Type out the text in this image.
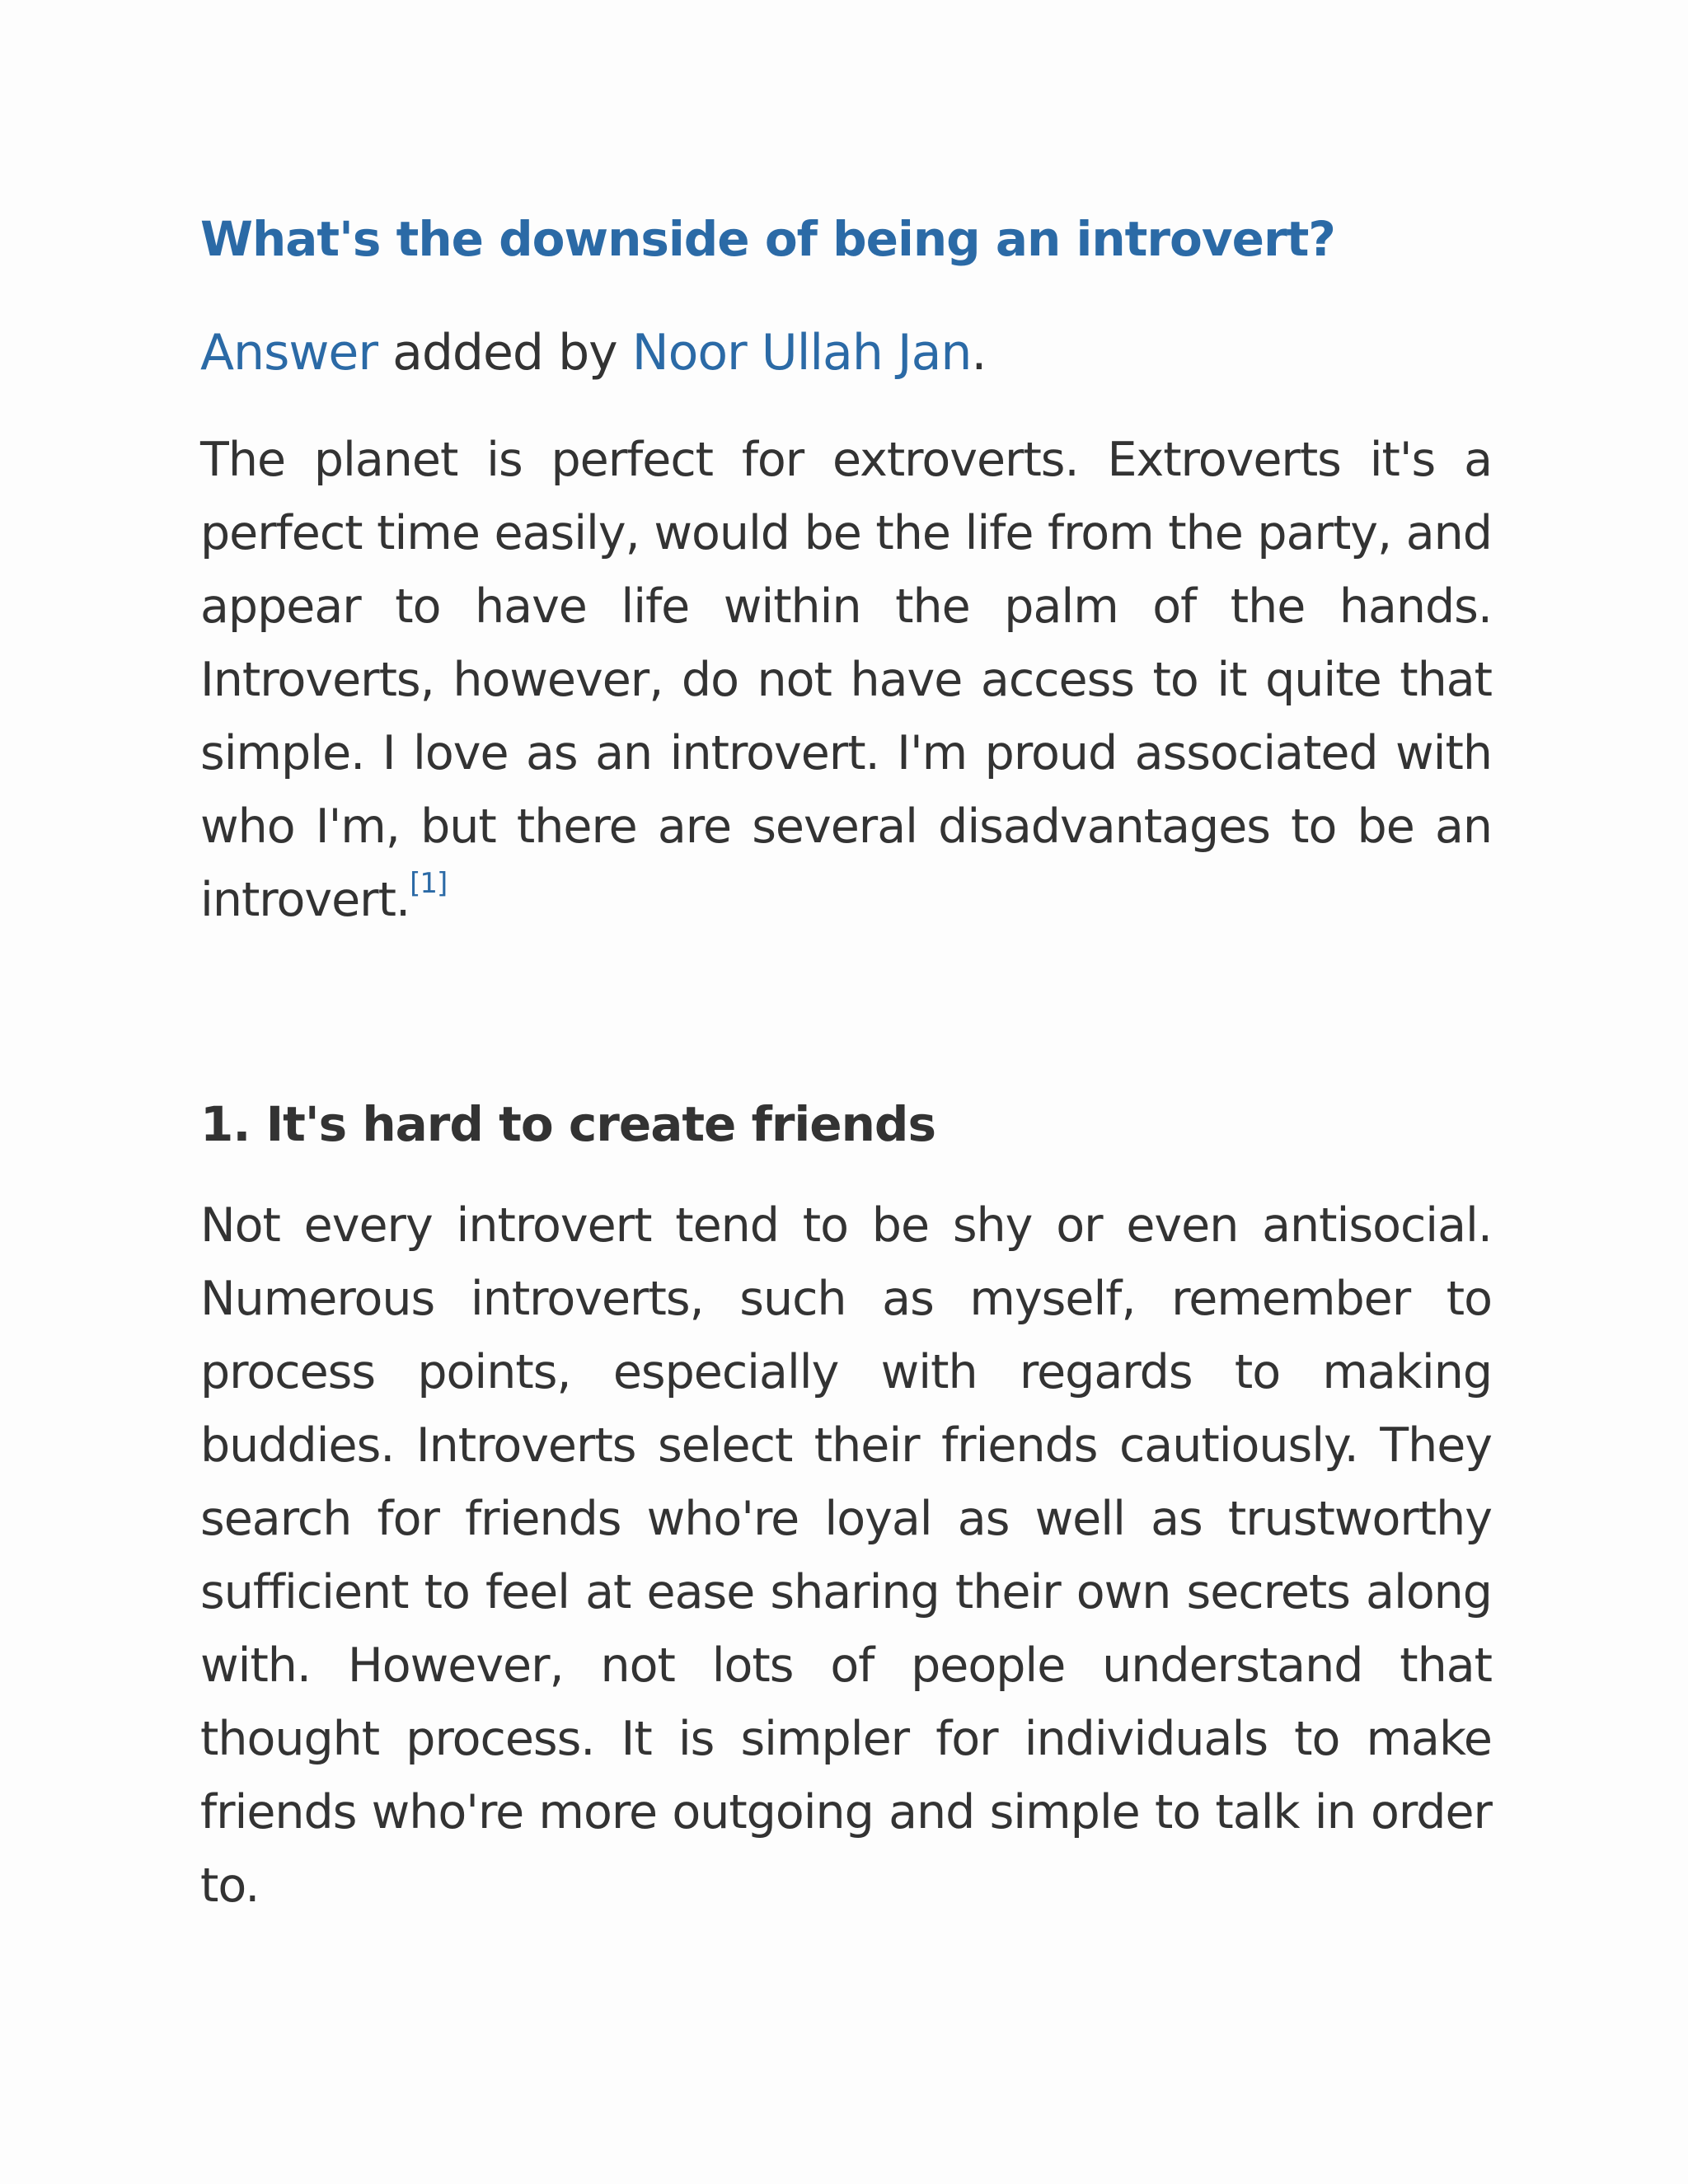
What's the downside of being an introvert?

Answer added by Noor Ullah Jan.

The planet is perfect for extroverts. Extroverts it's a perfect time easily, would be the life from the party, and appear to have life within the palm of the hands. Introverts, however, do not have access to it quite that simple. I love as an introvert. I'm proud associated with who I'm, but there are several disadvantages to be an introvert.[1]

1. It's hard to create friends

Not every introvert tend to be shy or even antisocial. Numerous introverts, such as myself, remember to process points, especially with regards to making buddies. Introverts select their friends cautiously. They search for friends who're loyal as well as trustworthy sufficient to feel at ease sharing their own secrets along with. However, not lots of people understand that thought process. It is simpler for individuals to make friends who're more outgoing and simple to talk in order to.
